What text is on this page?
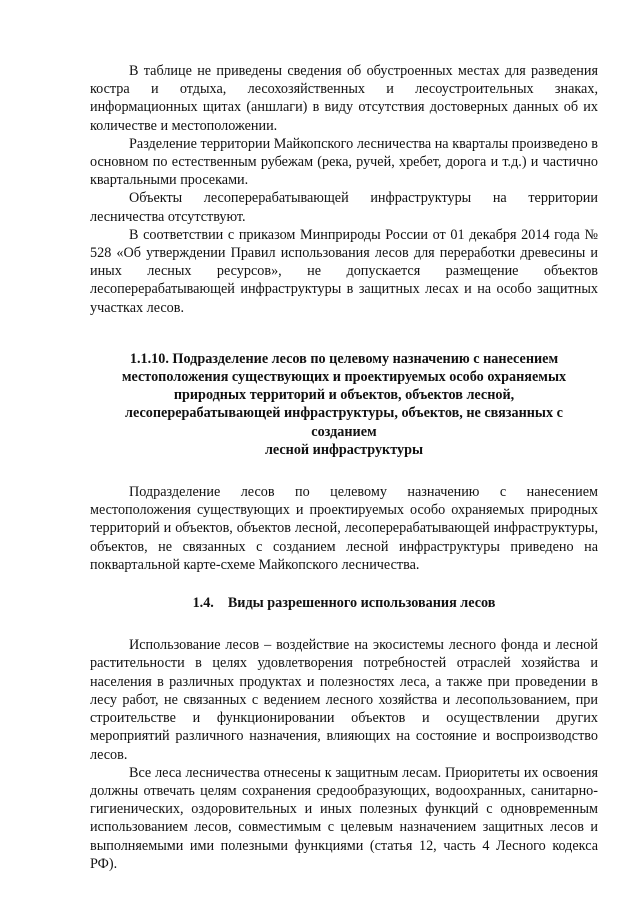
В таблице не приведены сведения об обустроенных местах для разведения костра и отдыха, лесохозяйственных и лесоустроительных знаках, информационных щитах (аншлаги) в виду отсутствия достоверных данных об их количестве и местоположении.

Разделение территории Майкопского лесничества на кварталы произведено в основном по естественным рубежам (река, ручей, хребет, дорога и т.д.) и частично квартальными просеками.

Объекты лесоперерабатывающей инфраструктуры на территории лесничества отсутствуют.

В соответствии с приказом Минприроды России от 01 декабря 2014 года № 528 «Об утверждении Правил использования лесов для переработки древесины и иных лесных ресурсов», не допускается размещение объектов лесоперерабатывающей инфраструктуры в защитных лесах и на особо защитных участках лесов.

1.1.10. Подразделение лесов по целевому назначению с нанесением
местоположения существующих и проектируемых особо охраняемых
природных территорий и объектов, объектов лесной,
лесоперерабатывающей инфраструктуры, объектов, не связанных с
созданием
лесной инфраструктуры

Подразделение лесов по целевому назначению с нанесением местоположения существующих и проектируемых особо охраняемых природных территорий и объектов, объектов лесной, лесоперерабатывающей инфраструктуры, объектов, не связанных с созданием лесной инфраструктуры приведено на поквартальной карте-схеме Майкопского лесничества.

1.4. Виды разрешенного использования лесов

Использование лесов – воздействие на экосистемы лесного фонда и лесной растительности в целях удовлетворения потребностей отраслей хозяйства и населения в различных продуктах и полезностях леса, а также при проведении в лесу работ, не связанных с ведением лесного хозяйства и лесопользованием, при строительстве и функционировании объектов и осуществлении других мероприятий различного назначения, влияющих на состояние и воспроизводство лесов.

Все леса лесничества отнесены к защитным лесам. Приоритеты их освоения должны отвечать целям сохранения средообразующих, водоохранных, санитарно-гигиенических, оздоровительных и иных полезных функций с одновременным использованием лесов, совместимым с целевым назначением защитных лесов и выполняемыми ими полезными функциями (статья 12, часть 4 Лесного кодекса РФ).
